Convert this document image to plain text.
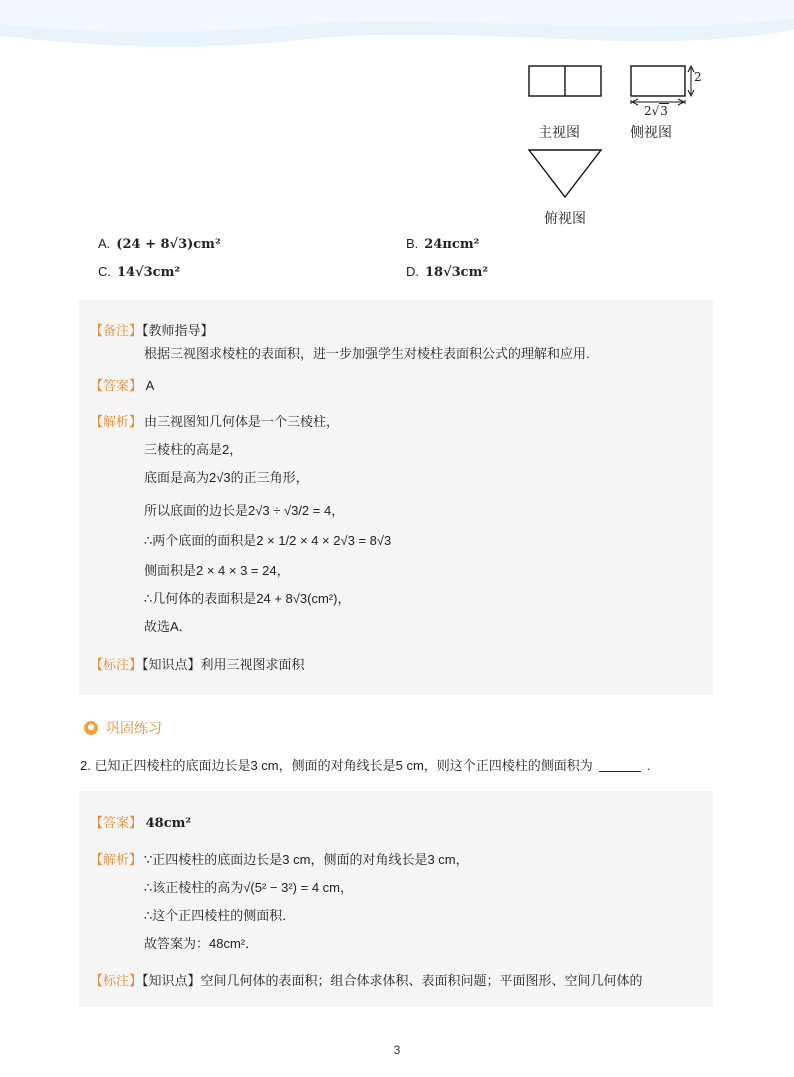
2
2√3
主视图	侧视图
俯视图
A. (24 + 8√3)cm²	B. 24πcm²
C. 14√3cm²	D. 18√3cm²
【备注】【教师指导】
根据三视图求棱柱的表面积，进一步加强学生对棱柱表面积公式的理解和应用.
【答案】 A
【解析】 由三视图知几何体是一个三棱柱，
三棱柱的高是2，
底面是高为2√3的正三角形，
所以底面的边长是2√3 ÷ √3/2 = 4，
∴两个底面的面积是2 × 1/2 × 4 × 2√3 = 8√3
侧面积是2 × 4 × 3 = 24，
∴几何体的表面积是24 + 8√3(cm²)，
故选A．
【标注】【知识点】利用三视图求面积
巩固练习
2. 已知正四棱柱的底面边长是3 cm，侧面的对角线长是5 cm，则这个正四棱柱的侧面积为	.
【答案】 48cm²
【解析】 ∵正四棱柱的底面边长是3 cm，侧面的对角线长是3 cm，
∴该正棱柱的高为√(5² − 3²) = 4 cm，
∴这个正四棱柱的侧面积．
故答案为：48cm²．
【标注】【知识点】空间几何体的表面积；组合体求体积、表面积问题；平面图形、空间几何体的
3
